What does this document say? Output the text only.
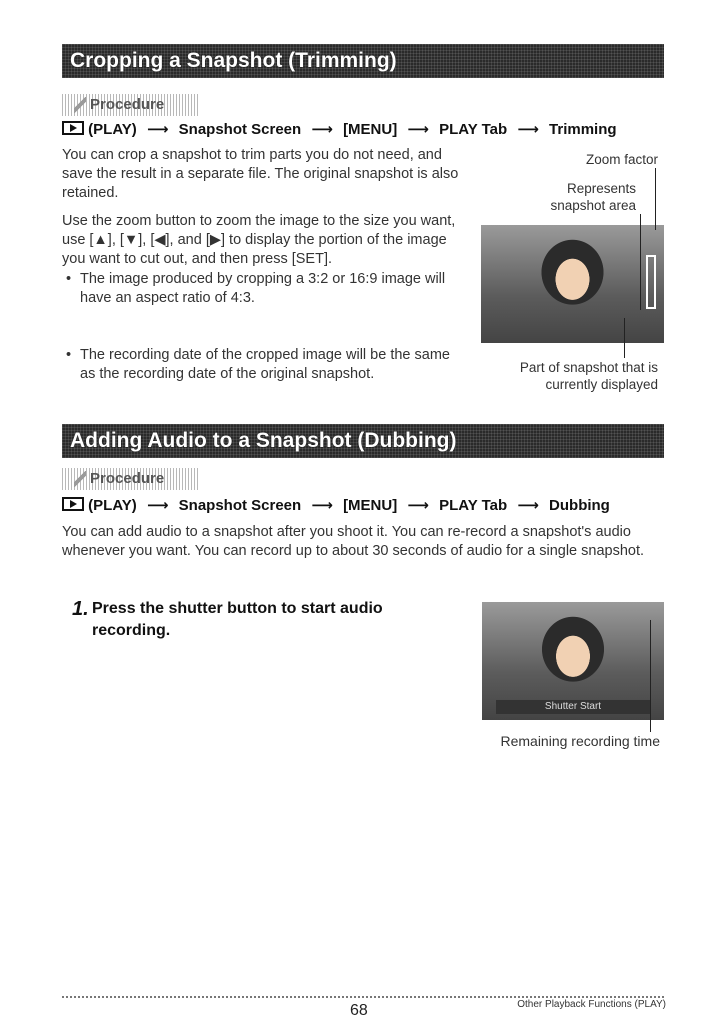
Cropping a Snapshot (Trimming)
Procedure
(PLAY) ⟶ Snapshot Screen ⟶ [MENU] ⟶ PLAY Tab ⟶ Trimming
You can crop a snapshot to trim parts you do not need, and save the result in a separate file. The original snapshot is also retained.
Use the zoom button to zoom the image to the size you want, use [▲], [▼], [◀], and [▶] to display the portion of the image you want to cut out, and then press [SET].
• The image produced by cropping a 3:2 or 16:9 image will have an aspect ratio of 4:3.
• The recording date of the cropped image will be the same as the recording date of the original snapshot.
Zoom factor
Represents
snapshot area
Part of snapshot that is
currently displayed
Adding Audio to a Snapshot (Dubbing)
Procedure
(PLAY) ⟶ Snapshot Screen ⟶ [MENU] ⟶ PLAY Tab ⟶ Dubbing
You can add audio to a snapshot after you shoot it. You can re-record a snapshot's audio whenever you want. You can record up to about 30 seconds of audio for a single snapshot.
1. Press the shutter button to start audio recording.
Shutter Start
Remaining recording time
68	Other Playback Functions (PLAY)
